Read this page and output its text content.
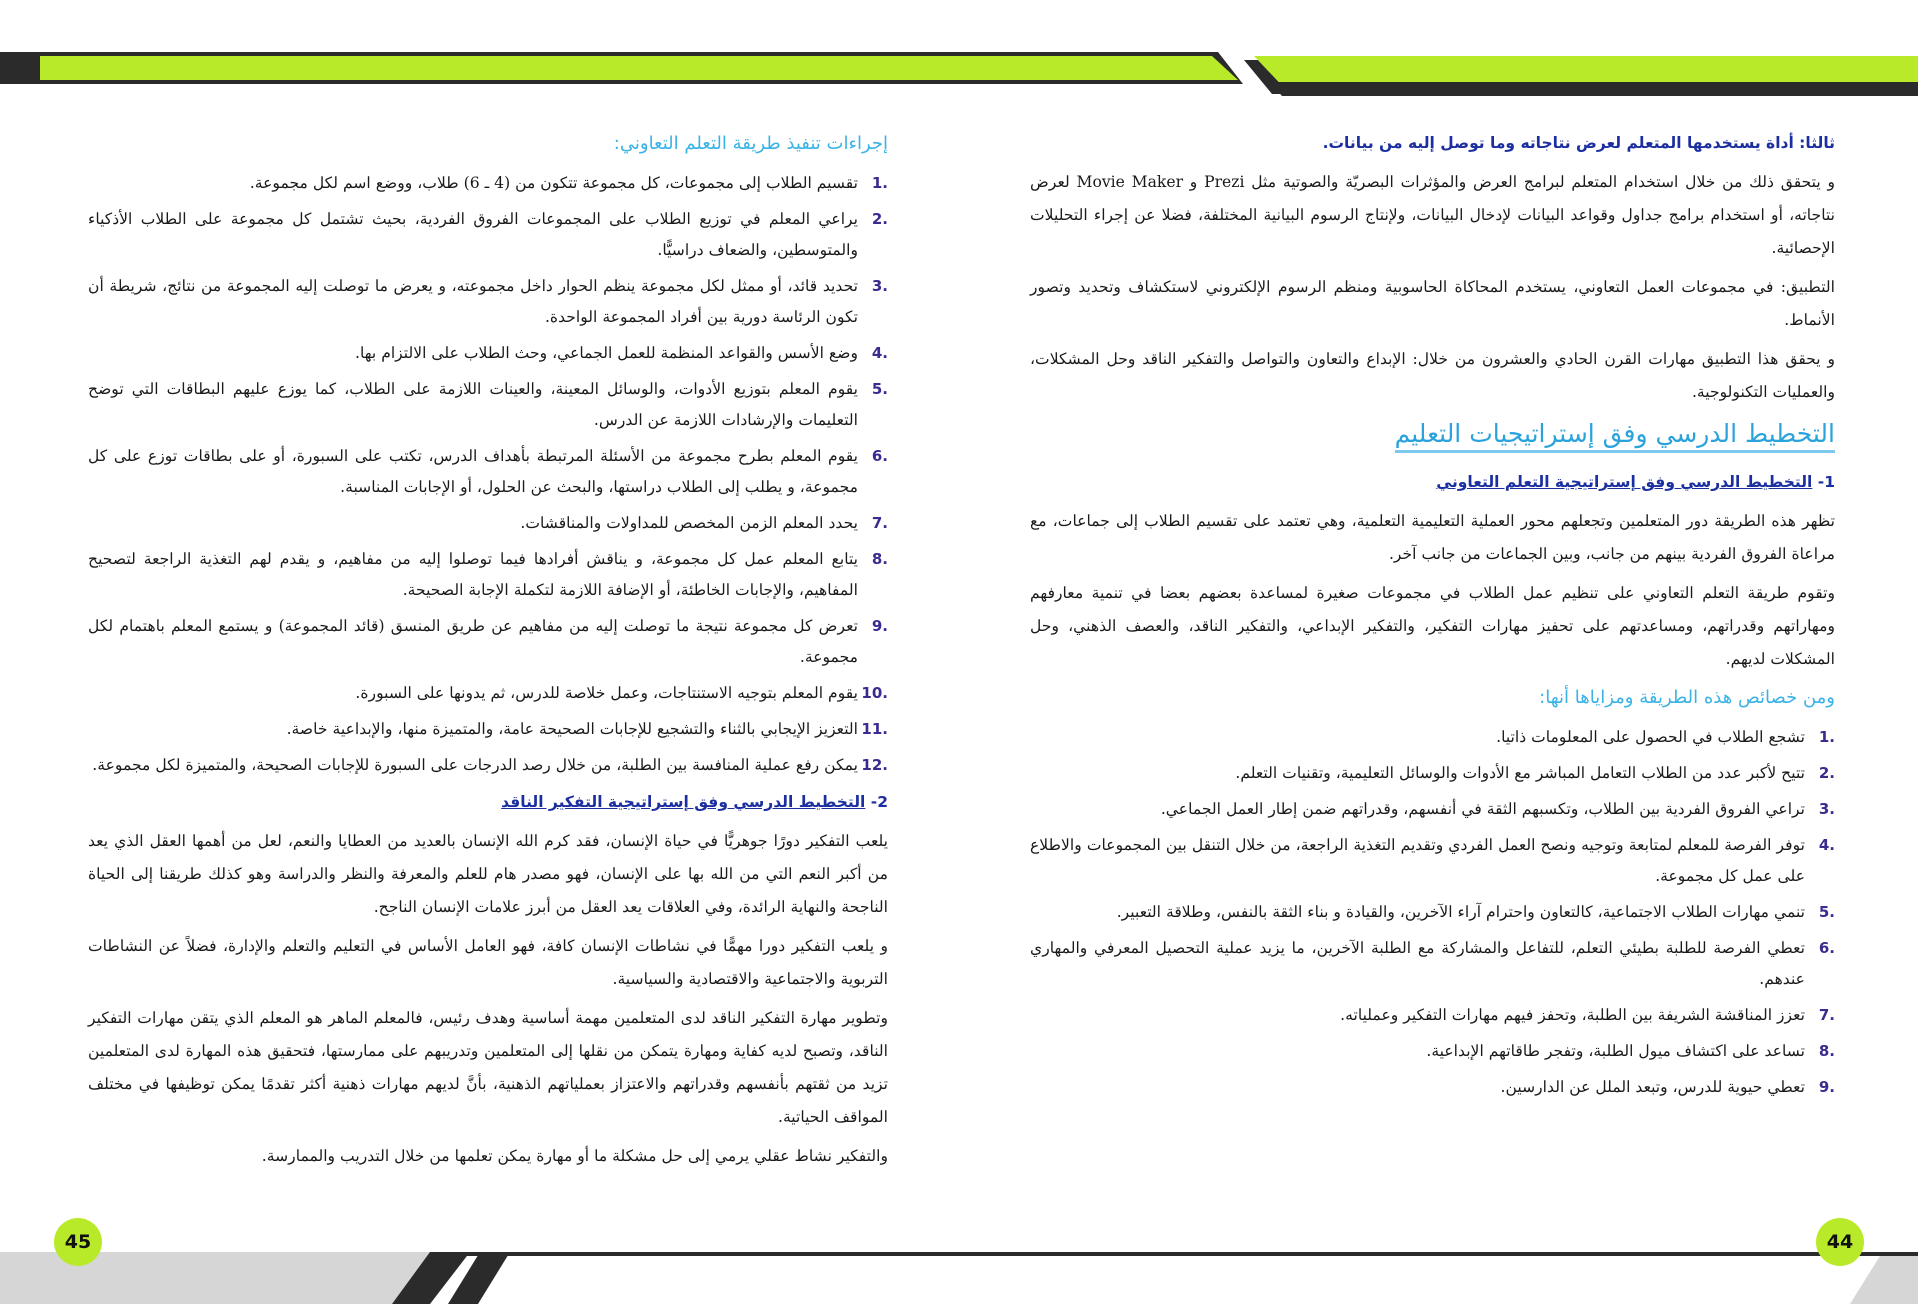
ثالثا: أداة يستخدمها المتعلم لعرض نتاجاته وما توصل إليه من بيانات.

و يتحقق ذلك من خلال استخدام المتعلم لبرامج العرض والمؤثرات البصريّة والصوتية مثل Prezi و Movie Maker لعرض نتاجاته، أو استخدام برامج جداول وقواعد البيانات لإدخال البيانات، ولإنتاج الرسوم البيانية المختلفة، فضلا عن إجراء التحليلات الإحصائية.

التطبيق: في مجموعات العمل التعاوني، يستخدم المحاكاة الحاسوبية ومنظم الرسوم الإلكتروني لاستكشاف وتحديد وتصور الأنماط.

و يحقق هذا التطبيق مهارات القرن الحادي والعشرون من خلال: الإبداع والتعاون والتواصل والتفكير الناقد وحل المشكلات، والعمليات التكنولوجية.

التخطيط الدرسي وفق إستراتيجيات التعليم
1- التخطيط الدرسي وفق إستراتيجية التعلم التعاوني

تظهر هذه الطريقة دور المتعلمين وتجعلهم محور العملية التعليمية التعلمية، وهي تعتمد على تقسيم الطلاب إلى جماعات، مع مراعاة الفروق الفردية بينهم من جانب، وبين الجماعات من جانب آخر.

وتقوم طريقة التعلم التعاوني على تنظيم عمل الطلاب في مجموعات صغيرة لمساعدة بعضهم بعضا في تنمية معارفهم ومهاراتهم وقدراتهم، ومساعدتهم على تحفيز مهارات التفكير، والتفكير الإبداعي، والتفكير الناقد، والعصف الذهني، وحل المشكلات لديهم.

ومن خصائص هذه الطريقة ومزاياها أنها:
1.
تشجع الطلاب في الحصول على المعلومات ذاتيا.
2.
تتيح لأكبر عدد من الطلاب التعامل المباشر مع الأدوات والوسائل التعليمية، وتقنيات التعلم.
3.
تراعي الفروق الفردية بين الطلاب، وتكسبهم الثقة في أنفسهم، وقدراتهم ضمن إطار العمل الجماعي.
4.
توفر الفرصة للمعلم لمتابعة وتوجيه ونصح العمل الفردي وتقديم التغذية الراجعة، من خلال التنقل بين المجموعات والاطلاع على عمل كل مجموعة.
5.
تنمي مهارات الطلاب الاجتماعية، كالتعاون واحترام آراء الآخرين، والقيادة و بناء الثقة بالنفس، وطلاقة التعبير.
6.
تعطي الفرصة للطلبة بطيئي التعلم، للتفاعل والمشاركة مع الطلبة الآخرين، ما يزيد عملية التحصيل المعرفي والمهاري عندهم.
7.
تعزز المناقشة الشريفة بين الطلبة، وتحفز فيهم مهارات التفكير وعملياته.
8.
تساعد على اكتشاف ميول الطلبة، وتفجر طاقاتهم الإبداعية.
9.
تعطي حيوية للدرس، وتبعد الملل عن الدارسين.
إجراءات تنفيذ طريقة التعلم التعاوني:
1.
تقسيم الطلاب إلى مجموعات، كل مجموعة تتكون من (4 ـ 6) طلاب، ووضع اسم لكل مجموعة.
2.
يراعي المعلم في توزيع الطلاب على المجموعات الفروق الفردية، بحيث تشتمل كل مجموعة على الطلاب الأذكياء والمتوسطين، والضعاف دراسيًّا.
3.
تحديد قائد، أو ممثل لكل مجموعة ينظم الحوار داخل مجموعته، و يعرض ما توصلت إليه المجموعة من نتائج، شريطة أن تكون الرئاسة دورية بين أفراد المجموعة الواحدة.
4.
وضع الأسس والقواعد المنظمة للعمل الجماعي، وحث الطلاب على الالتزام بها.
5.
يقوم المعلم بتوزيع الأدوات، والوسائل المعينة، والعينات اللازمة على الطلاب، كما يوزع عليهم البطاقات التي توضح التعليمات والإرشادات اللازمة عن الدرس.
6.
يقوم المعلم بطرح مجموعة من الأسئلة المرتبطة بأهداف الدرس، تكتب على السبورة، أو على بطاقات توزع على كل مجموعة، و يطلب إلى الطلاب دراستها، والبحث عن الحلول، أو الإجابات المناسبة.
7.
يحدد المعلم الزمن المخصص للمداولات والمناقشات.
8.
يتابع المعلم عمل كل مجموعة، و يناقش أفرادها فيما توصلوا إليه من مفاهيم، و يقدم لهم التغذية الراجعة لتصحيح المفاهيم، والإجابات الخاطئة، أو الإضافة اللازمة لتكملة الإجابة الصحيحة.
9.
تعرض كل مجموعة نتيجة ما توصلت إليه من مفاهيم عن طريق المنسق (قائد المجموعة) و يستمع المعلم باهتمام لكل مجموعة.
10.
يقوم المعلم بتوجيه الاستنتاجات، وعمل خلاصة للدرس، ثم يدونها على السبورة.
11.
التعزيز الإيجابي بالثناء والتشجيع للإجابات الصحيحة عامة، والمتميزة منها، والإبداعية خاصة.
12.
يمكن رفع عملية المنافسة بين الطلبة، من خلال رصد الدرجات على السبورة للإجابات الصحيحة، والمتميزة لكل مجموعة.
2- التخطيط الدرسي وفق إستراتيجية التفكير الناقد

يلعب التفكير دورًا جوهريًّا في حياة الإنسان، فقد كرم الله الإنسان بالعديد من العطايا والنعم، لعل من أهمها العقل الذي يعد من أكبر النعم التي من الله بها على الإنسان، فهو مصدر هام للعلم والمعرفة والنظر والدراسة وهو كذلك طريقنا إلى الحياة الناجحة والنهاية الرائدة، وفي العلاقات يعد العقل من أبرز علامات الإنسان الناجح.

و يلعب التفكير دورا مهمًّا في نشاطات الإنسان كافة، فهو العامل الأساس في التعليم والتعلم والإدارة، فضلاً عن النشاطات التربوية والاجتماعية والاقتصادية والسياسية.

وتطوير مهارة التفكير الناقد لدى المتعلمين مهمة أساسية وهدف رئيس، فالمعلم الماهر هو المعلم الذي يتقن مهارات التفكير الناقد، وتصبح لديه كفاية ومهارة يتمكن من نقلها إلى المتعلمين وتدريبهم على ممارستها، فتحقيق هذه المهارة لدى المتعلمين تزيد من ثقتهم بأنفسهم وقدراتهم والاعتزاز بعملياتهم الذهنية، بأنَّ لديهم مهارات ذهنية أكثر تقدمًا يمكن توظيفها في مختلف المواقف الحياتية.

والتفكير نشاط عقلي يرمي إلى حل مشكلة ما أو مهارة يمكن تعلمها من خلال التدريب والممارسة.

44
45
